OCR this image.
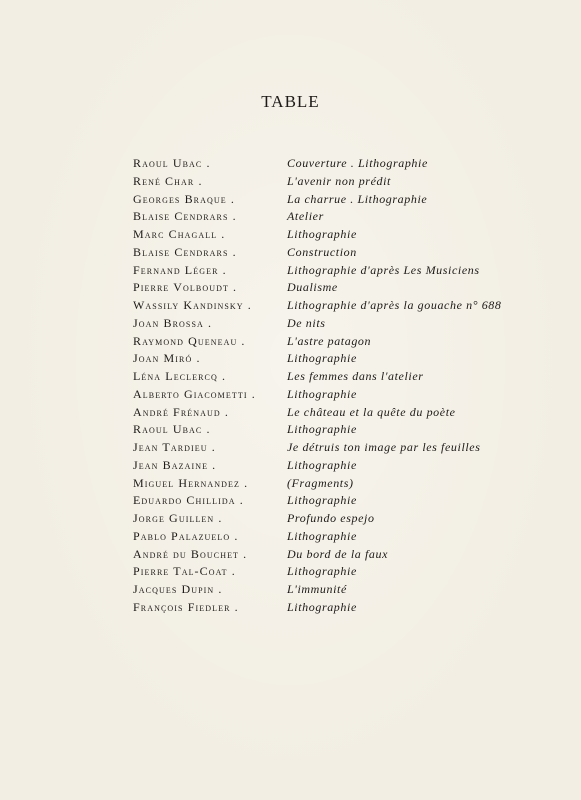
TABLE
Raoul Ubac .	Couverture . Lithographie
René Char .	L'avenir non prédit
Georges Braque .	La charrue . Lithographie
Blaise Cendrars .	Atelier
Marc Chagall .	Lithographie
Blaise Cendrars .	Construction
Fernand Léger .	Lithographie d'après Les Musiciens
Pierre Volboudt .	Dualisme
Wassily Kandinsky .	Lithographie d'après la gouache n° 688
Joan Brossa .	De nits
Raymond Queneau .	L'astre patagon
Joan Miró .	Lithographie
Léna Leclercq .	Les femmes dans l'atelier
Alberto Giacometti .	Lithographie
André Frénaud .	Le château et la quête du poète
Raoul Ubac .	Lithographie
Jean Tardieu .	Je détruis ton image par les feuilles
Jean Bazaine .	Lithographie
Miguel Hernandez .	(Fragments)
Eduardo Chillida .	Lithographie
Jorge Guillen .	Profundo espejo
Pablo Palazuelo .	Lithographie
André du Bouchet .	Du bord de la faux
Pierre Tal-Coat .	Lithographie
Jacques Dupin .	L'immunité
François Fiedler .	Lithographie
